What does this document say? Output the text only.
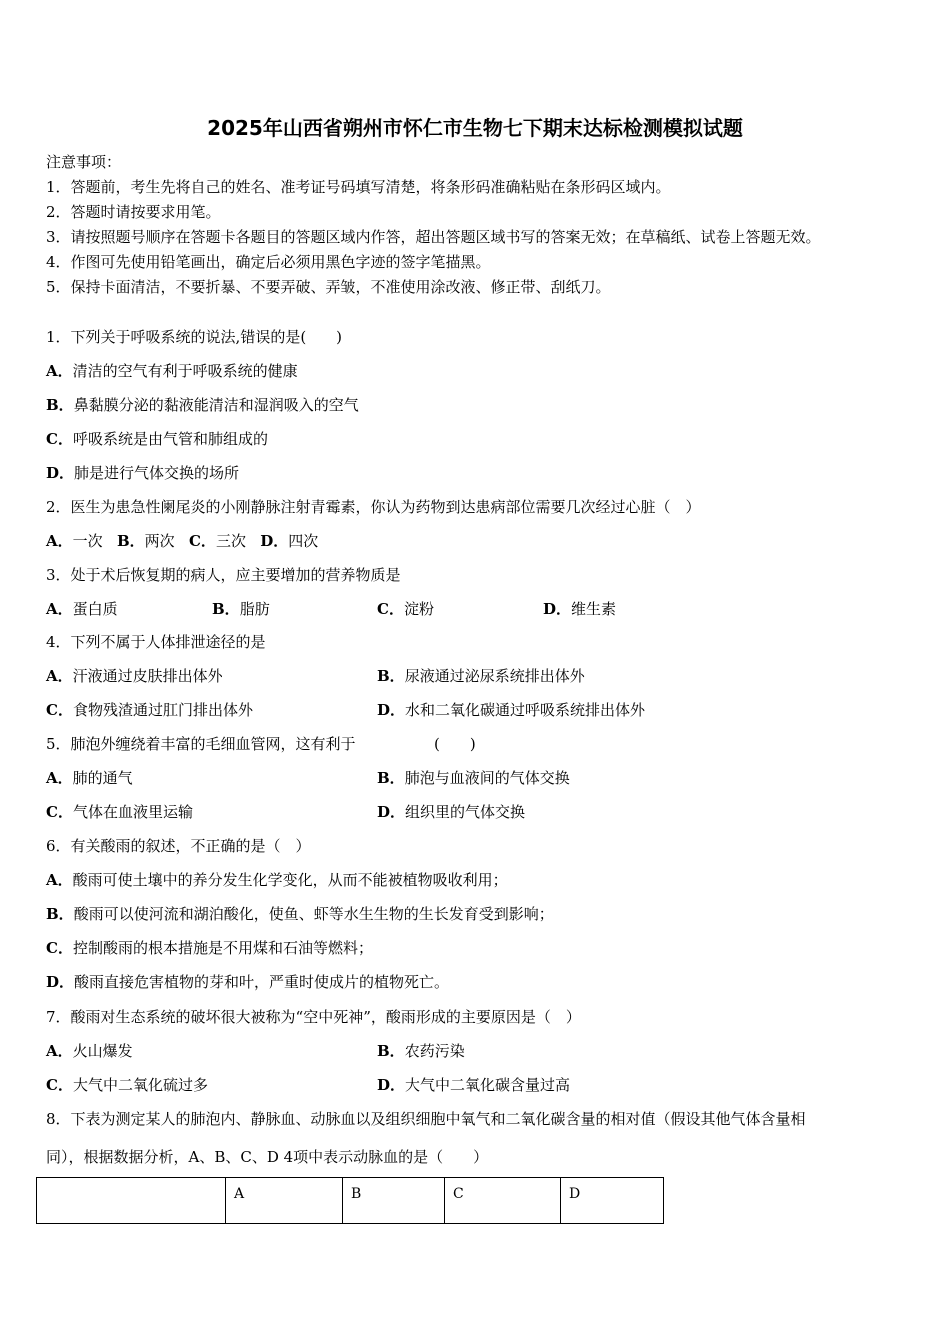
2025年山西省朔州市怀仁市生物七下期末达标检测模拟试题
注意事项：
1．答题前，考生先将自己的姓名、准考证号码填写清楚，将条形码准确粘贴在条形码区域内。
2．答题时请按要求用笔。
3．请按照题号顺序在答题卡各题目的答题区域内作答，超出答题区域书写的答案无效；在草稿纸、试卷上答题无效。
4．作图可先使用铅笔画出，确定后必须用黑色字迹的签字笔描黑。
5．保持卡面清洁，不要折暴、不要弄破、弄皱，不准使用涂改液、修正带、刮纸刀。
1．下列关于呼吸系统的说法,错误的是(　　)
A．清洁的空气有利于呼吸系统的健康
B．鼻黏膜分泌的黏液能清洁和湿润吸入的空气
C．呼吸系统是由气管和肺组成的
D．肺是进行气体交换的场所
2．医生为患急性阑尾炎的小刚静脉注射青霉素，你认为药物到达患病部位需要几次经过心脏（　）
A．一次 B．两次 C．三次 D．四次
3．处于术后恢复期的病人，应主要增加的营养物质是
A．蛋白质	B．脂肪	C．淀粉	D．维生素
4．下列不属于人体排泄途径的是
A．汗液通过皮肤排出体外	B．尿液通过泌尿系统排出体外
C．食物残渣通过肛门排出体外	D．水和二氧化碳通过呼吸系统排出体外
5．肺泡外缠绕着丰富的毛细血管网，这有利于	(　　)
A．肺的通气	B．肺泡与血液间的气体交换
C．气体在血液里运输	D．组织里的气体交换
6．有关酸雨的叙述，不正确的是（　）
A．酸雨可使土壤中的养分发生化学变化，从而不能被植物吸收利用；
B．酸雨可以使河流和湖泊酸化，使鱼、虾等水生生物的生长发育受到影响；
C．控制酸雨的根本措施是不用煤和石油等燃料；
D．酸雨直接危害植物的芽和叶，严重时使成片的植物死亡。
7．酸雨对生态系统的破坏很大被称为“空中死神”，酸雨形成的主要原因是（　）
A．火山爆发	B．农药污染
C．大气中二氧化硫过多	D．大气中二氧化碳含量过高
8．下表为测定某人的肺泡内、静脉血、动脉血以及组织细胞中氧气和二氧化碳含量的相对值（假设其他气体含量相
同），根据数据分析，A、B、C、D 4项中表示动脉血的是（　　）
	A	B	C	D
